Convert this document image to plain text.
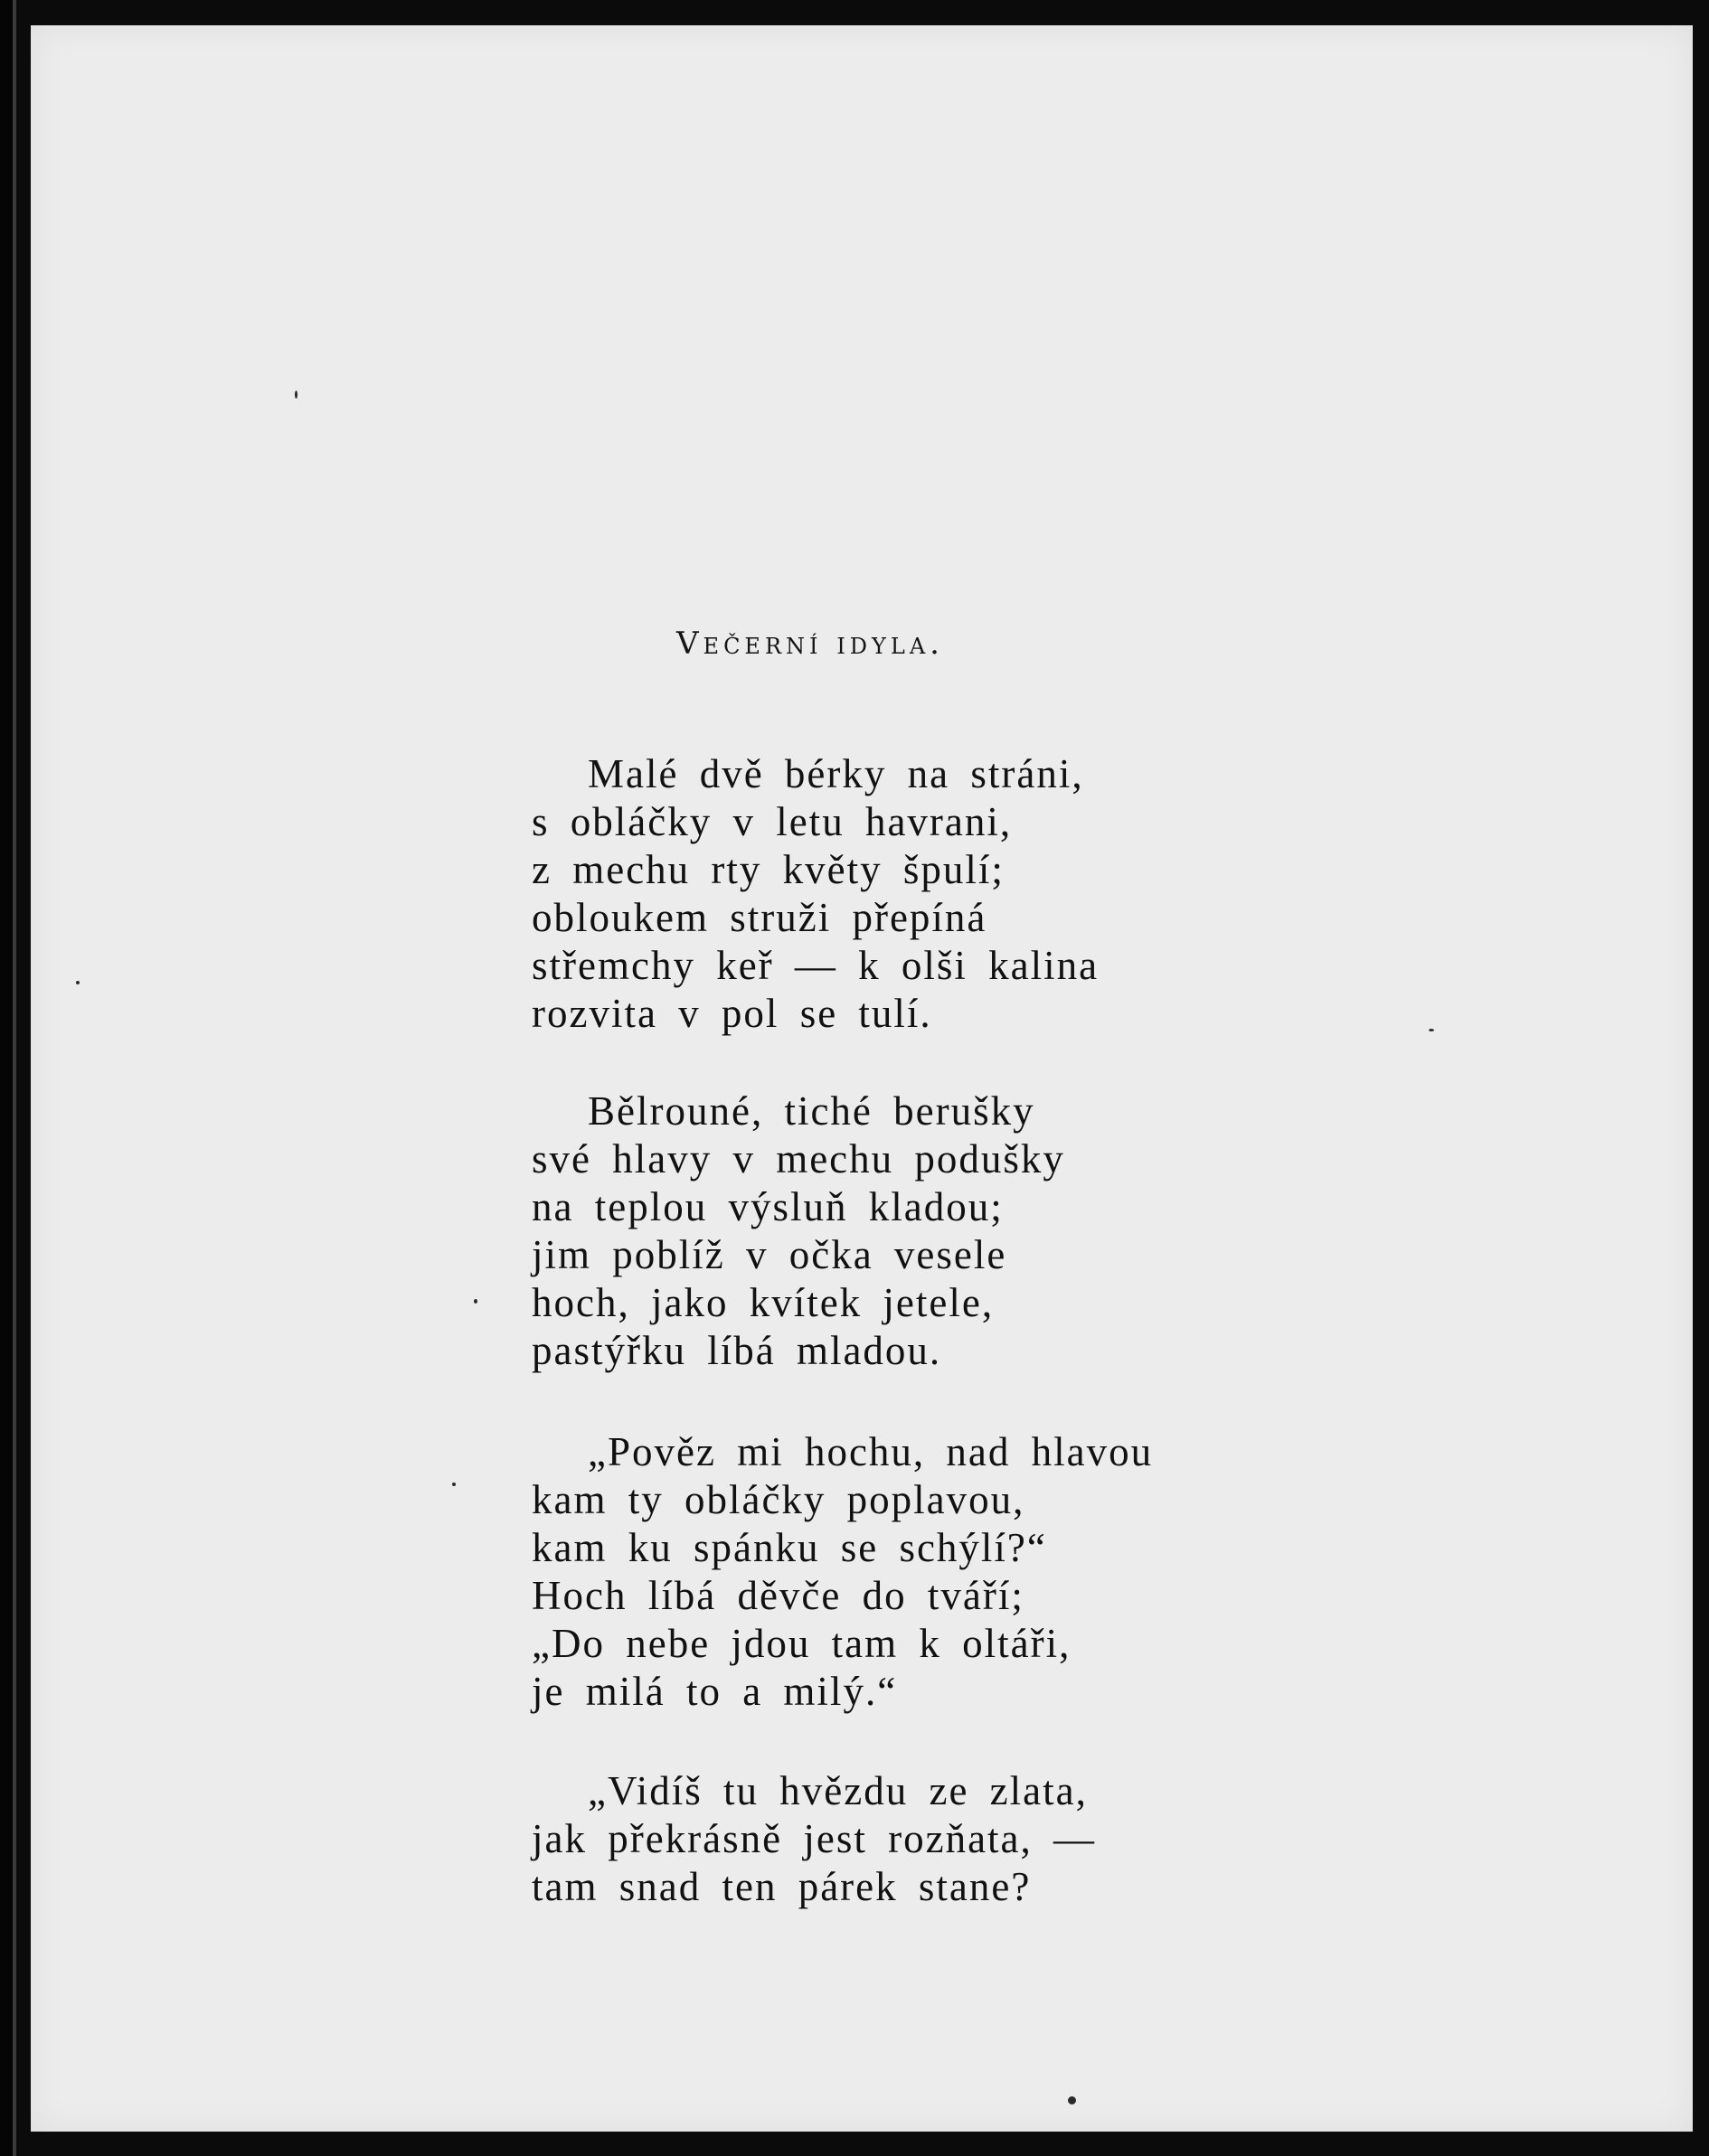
Večerní idyla.
Malé dvě bérky na stráni,
s obláčky v letu havrani,
z mechu rty květy špulí;
obloukem struži přepíná
střemchy keř — k olši kalina
rozvita v pol se tulí.
Bělrouné, tiché berušky
své hlavy v mechu podušky
na teplou výsluň kladou;
jim poblíž v očka vesele
hoch, jako kvítek jetele,
pastýřku líbá mladou.
„Pověz mi hochu, nad hlavou
kam ty obláčky poplavou,
kam ku spánku se schýlí?“
Hoch líbá děvče do tváří;
„Do nebe jdou tam k oltáři,
je milá to a milý.“
„Vidíš tu hvězdu ze zlata,
jak překrásně jest rozňata, —
tam snad ten párek stane?
